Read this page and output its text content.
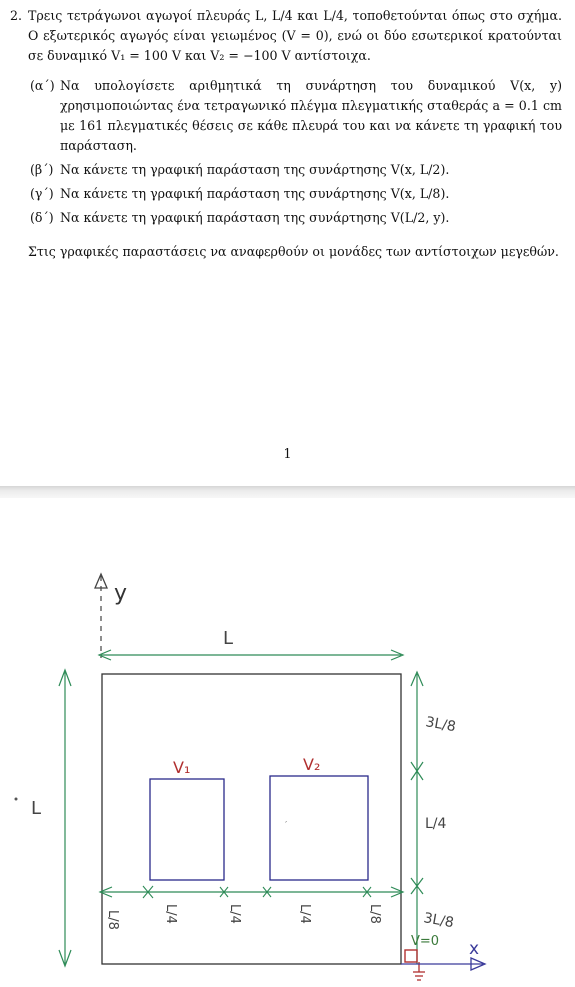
2. Τρεις τετράγωνοι αγωγοί πλευράς L, L/4 και L/4, τοποθετούνται όπως στο σχήμα. Ο εξωτερικός αγωγός είναι γειωμένος (V = 0), ενώ οι δύο εσωτερικοί κρατούνται σε δυναμικό V₁ = 100 V και V₂ = −100 V αντίστοιχα.
(α΄) Να υπολογίσετε αριθμητικά τη συνάρτηση του δυναμικού V(x, y) χρησιμοποιώντας ένα τετραγωνικό πλέγμα πλεγματικής σταθεράς a = 0.1 cm με 161 πλεγματικές θέσεις σε κάθε πλευρά του και να κάνετε τη γραφική του παράσταση.
(β΄) Να κάνετε τη γραφική παράσταση της συνάρτησης V(x, L/2).
(γ΄) Να κάνετε τη γραφική παράσταση της συνάρτησης V(x, L/8).
(δ΄) Να κάνετε τη γραφική παράσταση της συνάρτησης V(L/2, y).
Στις γραφικές παραστάσεις να αναφερθούν οι μονάδες των αντίστοιχων μεγεθών.
1
y
L
L
V₁	V₂
3L/8
L/4
3L/8
L/8	L/4	L/4	L/4	L/8
V=0 x
′
